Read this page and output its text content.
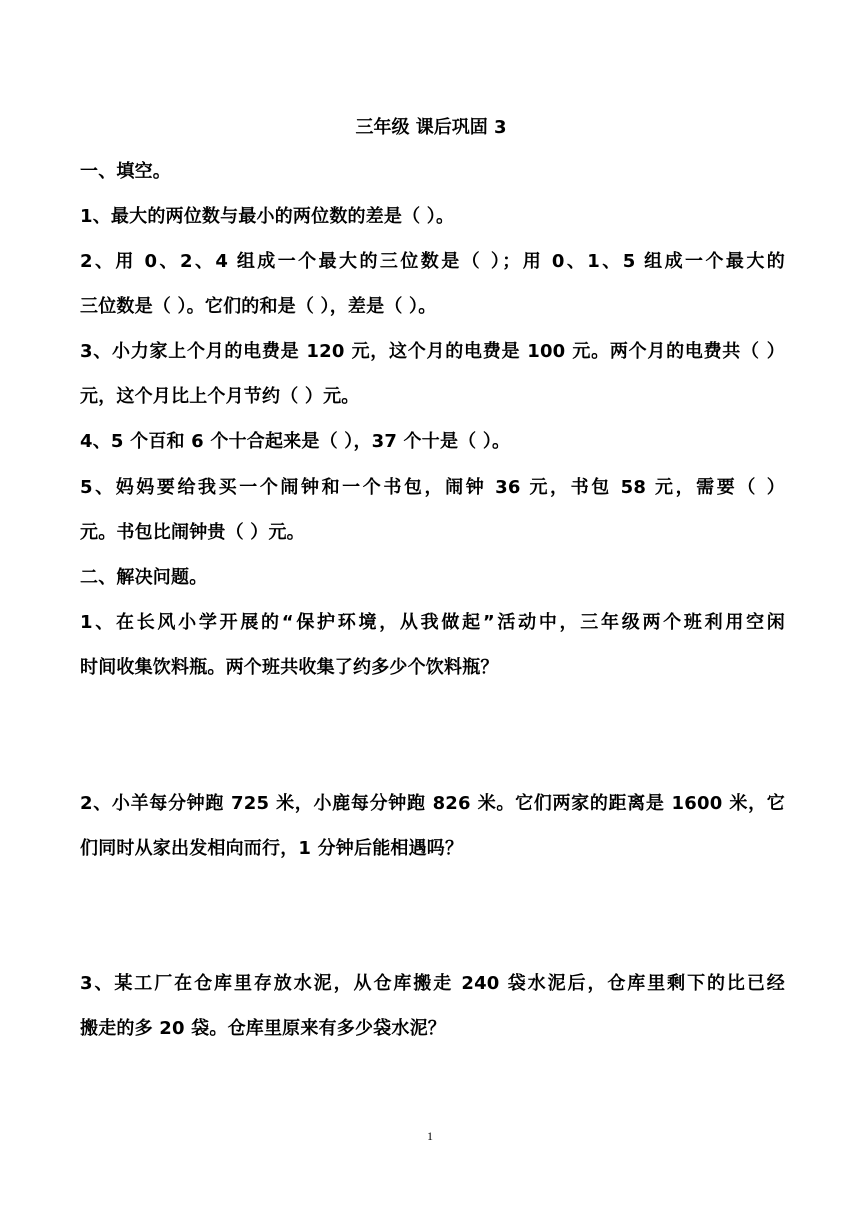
三年级 课后巩固 3
一、填空。
1、最大的两位数与最小的两位数的差是（ ）。
2、用 0、2、4 组成一个最大的三位数是（ ）；用 0、1、5 组成一个最大的
三位数是（ ）。它们的和是（ ），差是（ ）。
3、小力家上个月的电费是 120 元，这个月的电费是 100 元。两个月的电费共（ ）
元，这个月比上个月节约（ ）元。
4、5 个百和 6 个十合起来是（ ），37 个十是（ ）。
5、妈妈要给我买一个闹钟和一个书包，闹钟 36 元，书包 58 元，需要（ ）
元。书包比闹钟贵（ ）元。
二、解决问题。
1、在长风小学开展的“保护环境，从我做起”活动中，三年级两个班利用空闲
时间收集饮料瓶。两个班共收集了约多少个饮料瓶？
2、小羊每分钟跑 725 米，小鹿每分钟跑 826 米。它们两家的距离是 1600 米，它
们同时从家出发相向而行，1 分钟后能相遇吗？
3、某工厂在仓库里存放水泥，从仓库搬走 240 袋水泥后，仓库里剩下的比已经
搬走的多 20 袋。仓库里原来有多少袋水泥？
1
